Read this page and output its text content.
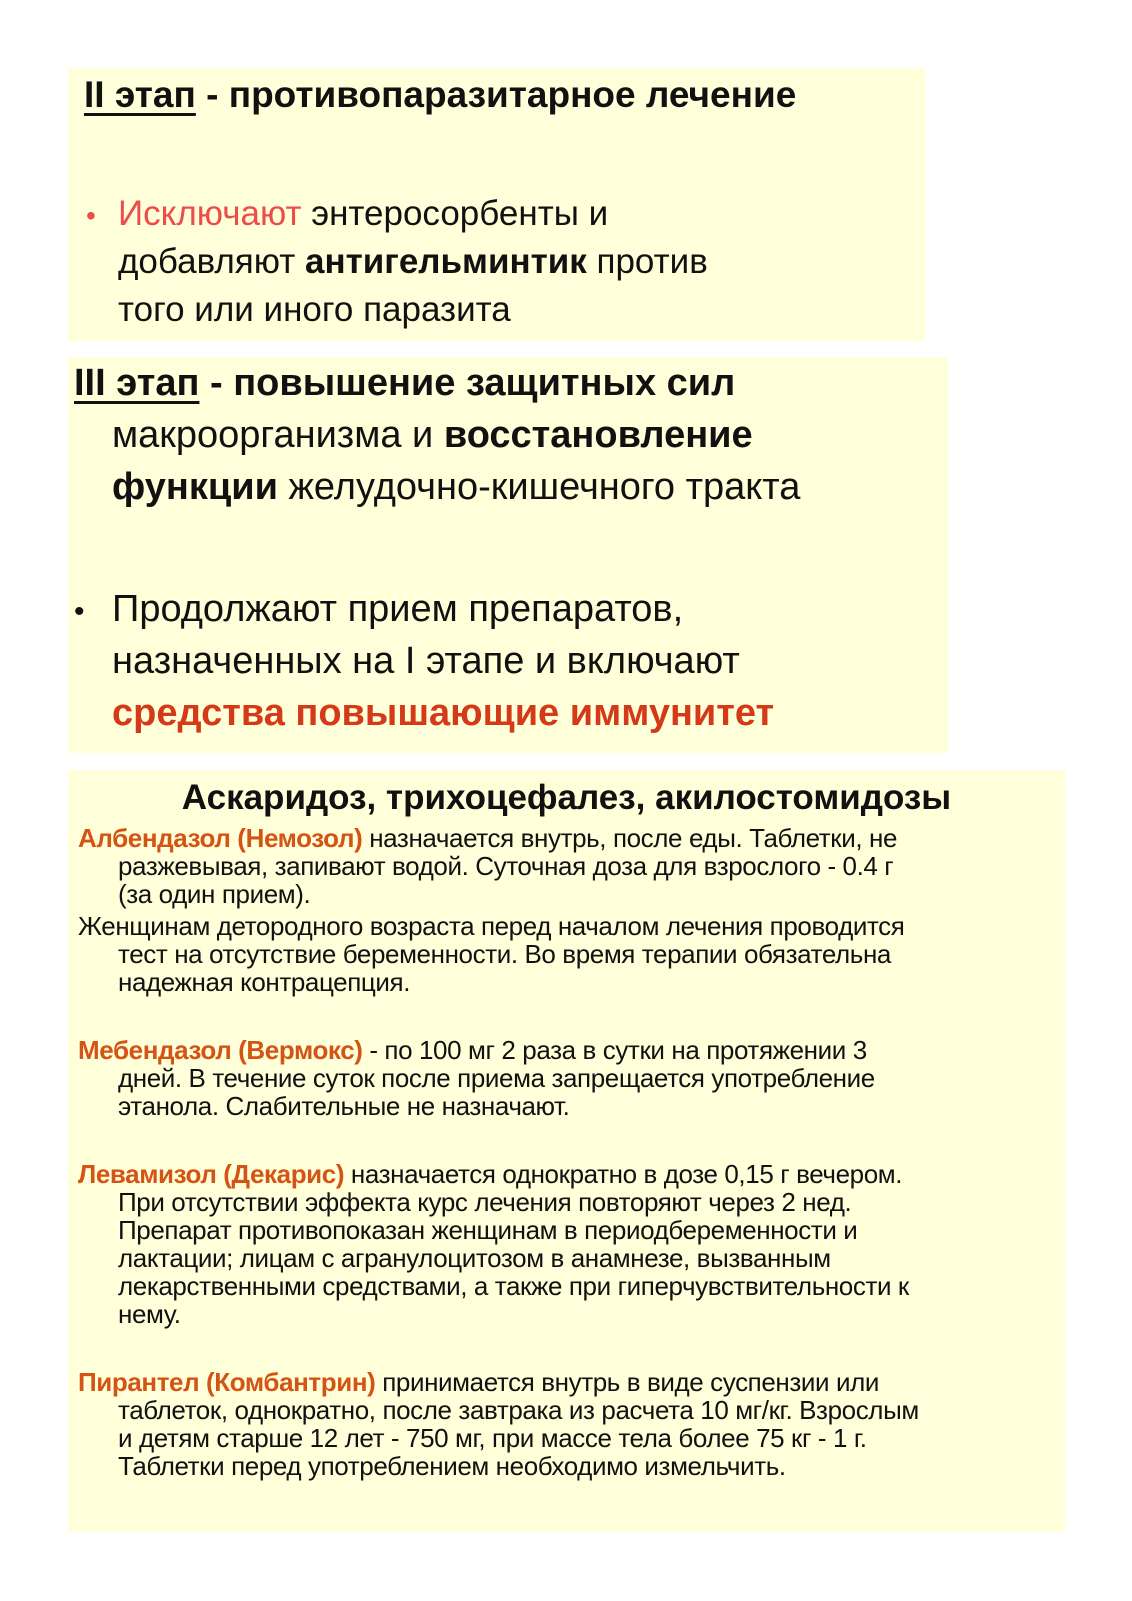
II этап - противопаразитарное лечение
• Исключают энтеросорбенты и
добавляют антигельминтик против
того или иного паразита
III этап - повышение защитных сил
макроорганизма и восстановление
функции желудочно-кишечного тракта
• Продолжают прием препаратов,
назначенных на I этапе и включают
средства повышающие иммунитет
Аскаридоз, трихоцефалез, акилостомидозы
Албендазол (Немозол) назначается внутрь, после еды. Таблетки, не
разжевывая, запивают водой. Суточная доза для взрослого - 0.4 г
(за один прием).
Женщинам детородного возраста перед началом лечения проводится
тест на отсутствие беременности. Во время терапии обязательна
надежная контрацепция.
Мебендазол (Вермокс) - по 100 мг 2 раза в сутки на протяжении 3
дней. В течение суток после приема запрещается употребление
этанола. Слабительные не назначают.
Левамизол (Декарис) назначается однократно в дозе 0,15 г вечером.
При отсутствии эффекта курс лечения повторяют через 2 нед.
Препарат противопоказан женщинам в периодбеременности и
лактации; лицам с агранулоцитозом в анамнезе, вызванным
лекарственными средствами, а также при гиперчувствительности к
нему.
Пирантел (Комбантрин) принимается внутрь в виде суспензии или
таблеток, однократно, после завтрака из расчета 10 мг/кг. Взрослым
и детям старше 12 лет - 750 мг, при массе тела более 75 кг - 1 г.
Таблетки перед употреблением необходимо измельчить.
